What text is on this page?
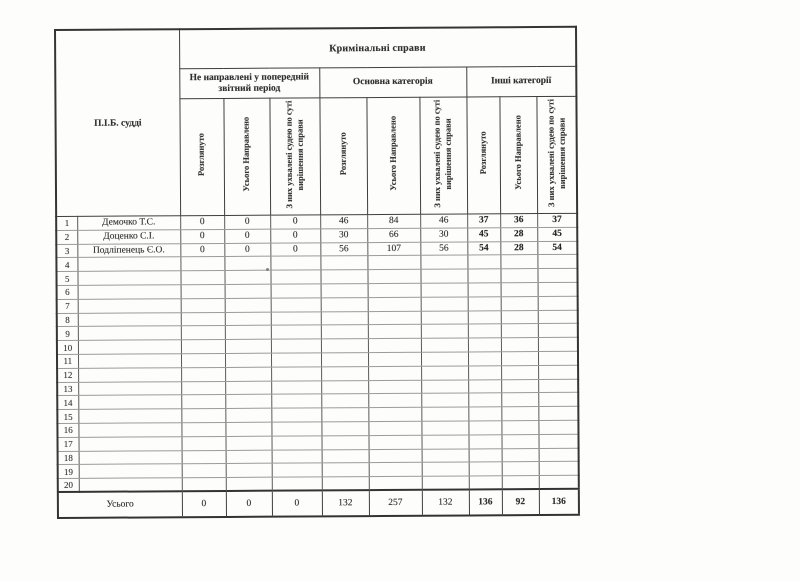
П.І.Б. судді		Кримінальні справи								
		Не направлені у попередній звітний період			Основна категорія			Інші категорії		
		Розглянуто	Усього Направлено	З них ухвалені судею по суті вирішення справи	Розглянуто	Усього Направлено	З них ухвалені судею по суті вирішення справи	Розглянуто	Усього Направлено	З них ухвалені судею по суті вирішення справи
1	Демочко Т.С.	0	0	0	46	84	46	37	36	37
2	Доценко С.І.	0	0	0	30	66	30	45	28	45
3	Подліпенець Є.О.	0	0	0	56	107	56	54	28	54
4										
5										
6										
7										
8										
9										
10										
11										
12										
13										
14										
15										
16										
17										
18										
19										
20										
Усього		0	0	0	132	257	132	136	92	136
